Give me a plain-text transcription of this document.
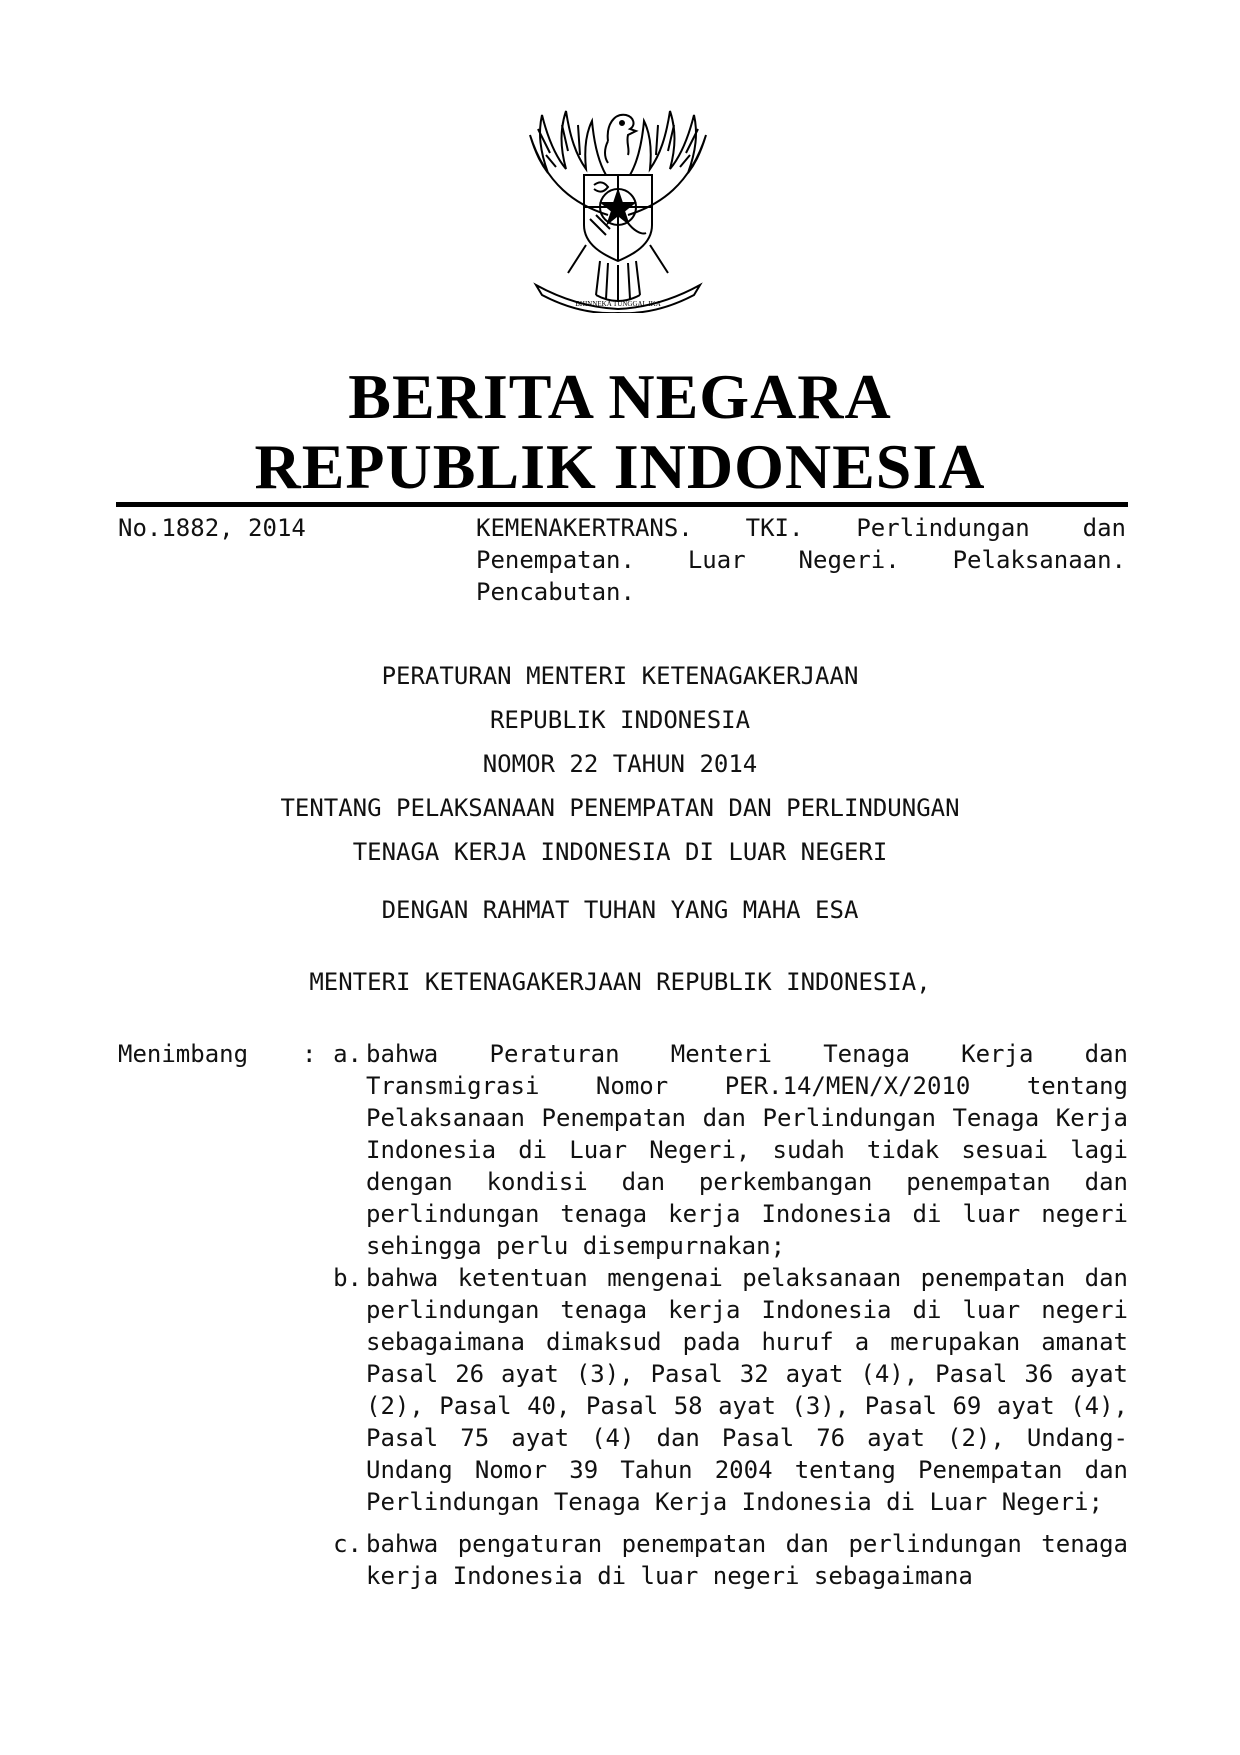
BHINNEKA TUNGGAL IKA
BERITA NEGARA
REPUBLIK INDONESIA
No.1882, 2014	KEMENAKERTRANS. TKI. Perlindungan dan Penempatan. Luar Negeri. Pelaksanaan. Pencabutan.
PERATURAN MENTERI KETENAGAKERJAAN
REPUBLIK INDONESIA
NOMOR 22 TAHUN 2014
TENTANG PELAKSANAAN PENEMPATAN DAN PERLINDUNGAN
TENAGA KERJA INDONESIA DI LUAR NEGERI
DENGAN RAHMAT TUHAN YANG MAHA ESA
MENTERI KETENAGAKERJAAN REPUBLIK INDONESIA,
Menimbang : a. bahwa Peraturan Menteri Tenaga Kerja dan Transmigrasi Nomor PER.14/MEN/X/2010 tentang Pelaksanaan Penempatan dan Perlindungan Tenaga Kerja Indonesia di Luar Negeri, sudah tidak sesuai lagi dengan kondisi dan perkembangan penempatan dan perlindungan tenaga kerja Indonesia di luar negeri sehingga perlu disempurnakan;
b. bahwa ketentuan mengenai pelaksanaan penempatan dan perlindungan tenaga kerja Indonesia di luar negeri sebagaimana dimaksud pada huruf a merupakan amanat Pasal 26 ayat (3), Pasal 32 ayat (4), Pasal 36 ayat (2), Pasal 40, Pasal 58 ayat (3), Pasal 69 ayat (4), Pasal 75 ayat (4) dan Pasal 76 ayat (2), Undang-Undang Nomor 39 Tahun 2004 tentang Penempatan dan Perlindungan Tenaga Kerja Indonesia di Luar Negeri;
c. bahwa pengaturan penempatan dan perlindungan tenaga kerja Indonesia di luar negeri sebagaimana
